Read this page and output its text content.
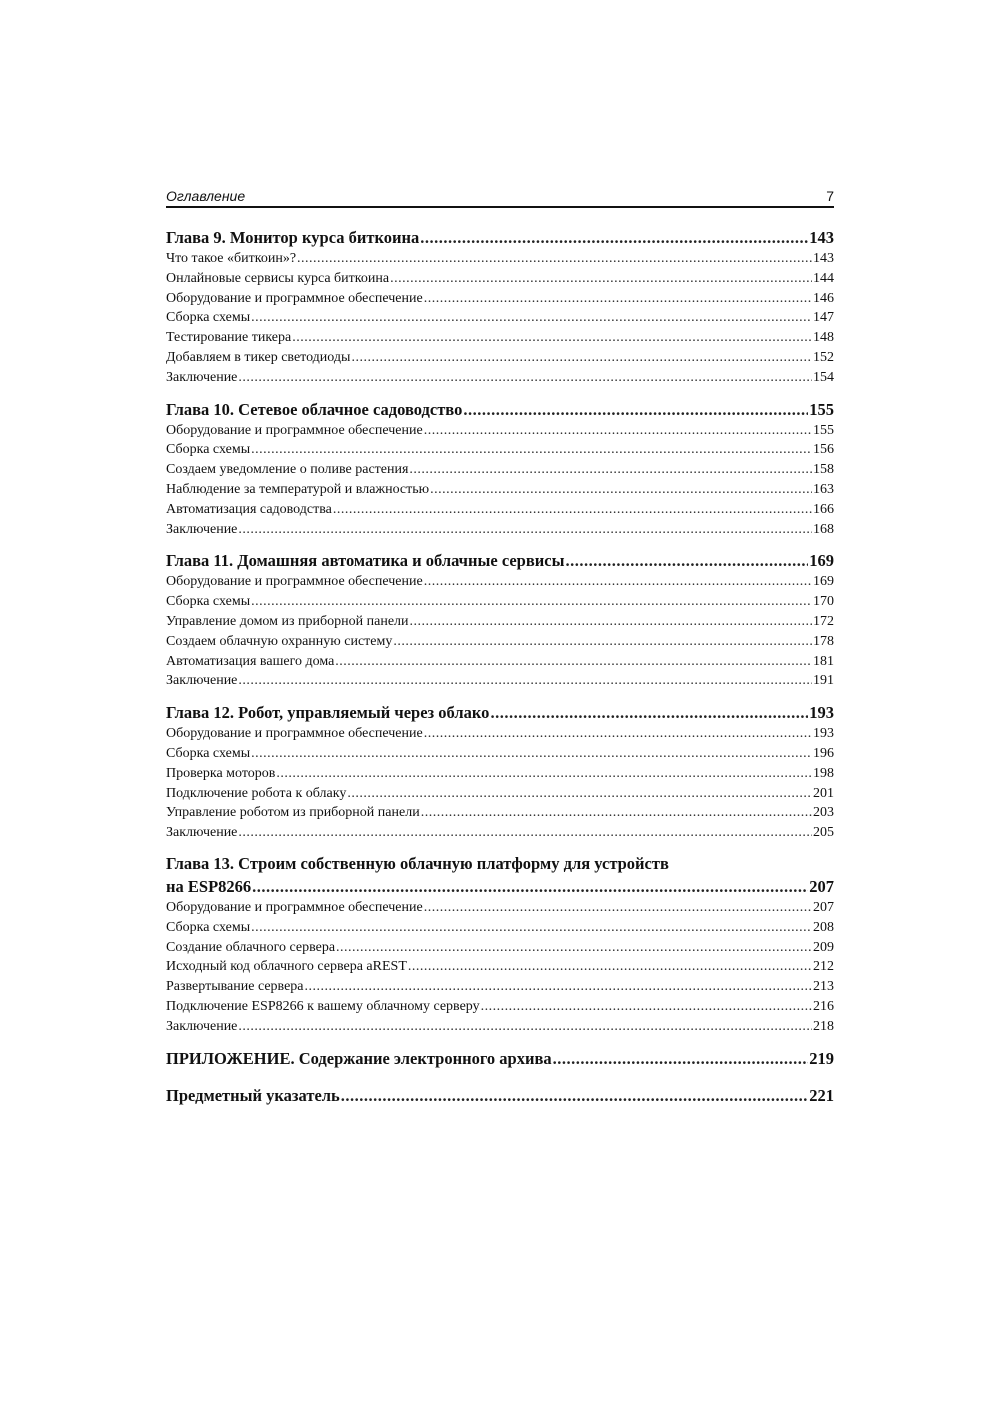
Оглавление	7
Глава 9. Монитор курса биткоина .....	143
Что такое «биткоин»? .....	143
Онлайновые сервисы курса биткоина .....	144
Оборудование и программное обеспечение .....	146
Сборка схемы .....	147
Тестирование тикера .....	148
Добавляем в тикер светодиоды .....	152
Заключение .....	154
Глава 10. Сетевое облачное садоводство .....	155
Оборудование и программное обеспечение .....	155
Сборка схемы .....	156
Создаем уведомление о поливе растения .....	158
Наблюдение за температурой и влажностью .....	163
Автоматизация садоводства .....	166
Заключение .....	168
Глава 11. Домашняя автоматика и облачные сервисы .....	169
Оборудование и программное обеспечение .....	169
Сборка схемы .....	170
Управление домом из приборной панели .....	172
Создаем облачную охранную систему .....	178
Автоматизация вашего дома .....	181
Заключение .....	191
Глава 12. Робот, управляемый через облако .....	193
Оборудование и программное обеспечение .....	193
Сборка схемы .....	196
Проверка моторов .....	198
Подключение робота к облаку .....	201
Управление роботом из приборной панели .....	203
Заключение .....	205
Глава 13. Строим собственную облачную платформу для устройств
на ESP8266 .....	207
Оборудование и программное обеспечение .....	207
Сборка схемы .....	208
Создание облачного сервера .....	209
Исходный код облачного сервера aREST .....	212
Развертывание сервера .....	213
Подключение ESP8266 к вашему облачному серверу .....	216
Заключение .....	218
ПРИЛОЖЕНИЕ. Содержание электронного архива .....	219
Предметный указатель .....	221
